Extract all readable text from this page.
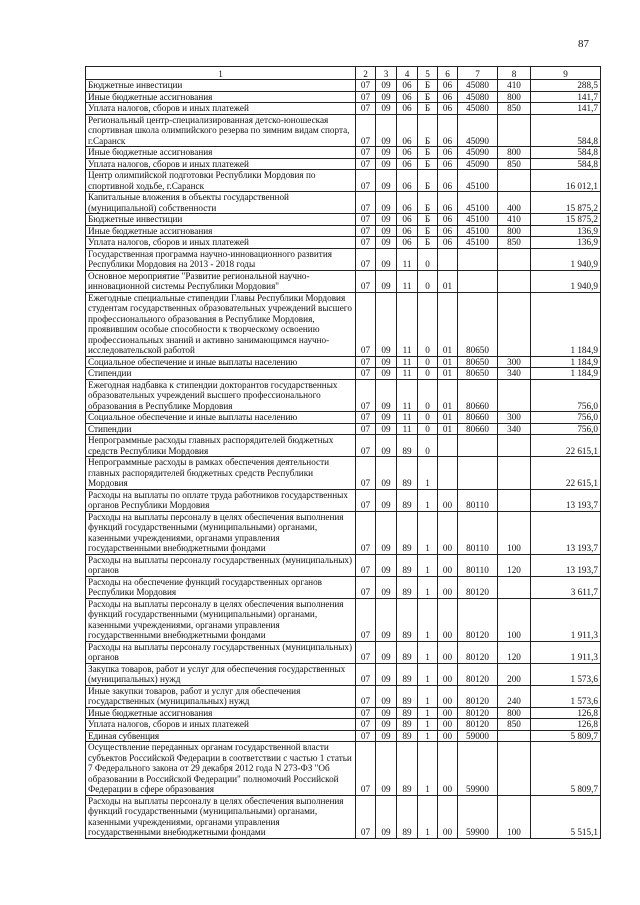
87
1	2	3	4	5	6	7	8	9
Бюджетные инвестиции	07	09	06	Б	06	45080	410	288,5
Иные бюджетные ассигнования	07	09	06	Б	06	45080	800	141,7
Уплата налогов, сборов и иных платежей	07	09	06	Б	06	45080	850	141,7
Региональный центр-специализированная детско-юношеская спортивная школа олимпийского резерва по зимним видам спорта, г.Саранск	07	09	06	Б	06	45090		584,8
Иные бюджетные ассигнования	07	09	06	Б	06	45090	800	584,8
Уплата налогов, сборов и иных платежей	07	09	06	Б	06	45090	850	584,8
Центр олимпийской подготовки Республики Мордовия по спортивной ходьбе, г.Саранск	07	09	06	Б	06	45100		16 012,1
Капитальные вложения в объекты государственной (муниципальной) собственности	07	09	06	Б	06	45100	400	15 875,2
Бюджетные инвестиции	07	09	06	Б	06	45100	410	15 875,2
Иные бюджетные ассигнования	07	09	06	Б	06	45100	800	136,9
Уплата налогов, сборов и иных платежей	07	09	06	Б	06	45100	850	136,9
Государственная программа научно-инновационного развития Республики Мордовия на 2013 - 2018 годы	07	09	11	0				1 940,9
Основное мероприятие "Развитие региональной научно-инновационной системы Республики Мордовия"	07	09	11	0	01			1 940,9
Ежегодные специальные стипендии Главы Республики Мордовия студентам государственных образовательных учреждений высшего профессионального образования в Республике Мордовия, проявившим особые способности к творческому освоению профессиональных знаний и активно занимающимся научно-исследовательской работой	07	09	11	0	01	80650		1 184,9
Социальное обеспечение и иные выплаты населению	07	09	11	0	01	80650	300	1 184,9
Стипендии	07	09	11	0	01	80650	340	1 184,9
Ежегодная надбавка к стипендии докторантов государственных образовательных учреждений высшего профессионального образования в Республике Мордовия	07	09	11	0	01	80660		756,0
Социальное обеспечение и иные выплаты населению	07	09	11	0	01	80660	300	756,0
Стипендии	07	09	11	0	01	80660	340	756,0
Непрограммные расходы главных распорядителей бюджетных средств Республики Мордовия	07	09	89	0				22 615,1
Непрограммные расходы в рамках обеспечения деятельности главных распорядителей бюджетных средств Республики Мордовия	07	09	89	1				22 615,1
Расходы на выплаты по оплате труда работников государственных органов Республики Мордовия	07	09	89	1	00	80110		13 193,7
Расходы на выплаты персоналу в целях обеспечения выполнения функций государственными (муниципальными) органами, казенными учреждениями, органами управления государственными внебюджетными фондами	07	09	89	1	00	80110	100	13 193,7
Расходы на выплаты персоналу государственных (муниципальных) органов	07	09	89	1	00	80110	120	13 193,7
Расходы на обеспечение функций государственных органов Республики Мордовия	07	09	89	1	00	80120		3 611,7
Расходы на выплаты персоналу в целях обеспечения выполнения функций государственными (муниципальными) органами, казенными учреждениями, органами управления государственными внебюджетными фондами	07	09	89	1	00	80120	100	1 911,3
Расходы на выплаты персоналу государственных (муниципальных) органов	07	09	89	1	00	80120	120	1 911,3
Закупка товаров, работ и услуг для обеспечения государственных (муниципальных) нужд	07	09	89	1	00	80120	200	1 573,6
Иные закупки товаров, работ и услуг для обеспечения государственных (муниципальных) нужд	07	09	89	1	00	80120	240	1 573,6
Иные бюджетные ассигнования	07	09	89	1	00	80120	800	126,8
Уплата налогов, сборов и иных платежей	07	09	89	1	00	80120	850	126,8
Единая субвенция	07	09	89	1	00	59000		5 809,7
Осуществление переданных органам государственной власти субъектов Российской Федерации в соответствии с частью 1 статьи 7 Федерального закона от 29 декабря 2012 года N 273-ФЗ "Об образовании в Российской Федерации" полномочий Российской Федерации в сфере образования	07	09	89	1	00	59900		5 809,7
Расходы на выплаты персоналу в целях обеспечения выполнения функций государственными (муниципальными) органами, казенными учреждениями, органами управления государственными внебюджетными фондами	07	09	89	1	00	59900	100	5 515,1
